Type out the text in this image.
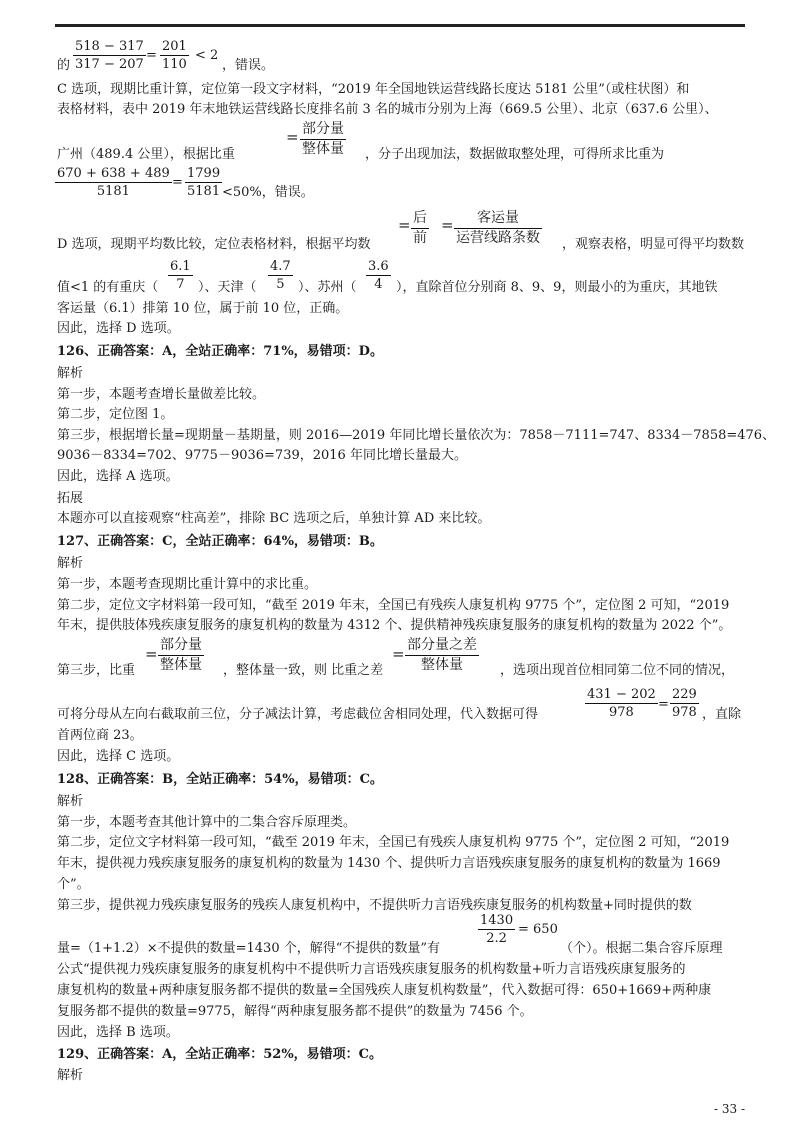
的 $\frac{518 - 317}{317 - 207} = \frac{201}{110} < 2$
，错误。
C 选项，现期比重计算，定位第一段文字材料，“2019 年全国地铁运营线路长度达 5181 公里”（或柱状图）和
表格材料，表中 2019 年末地铁运营线路长度排名前 3 名的城市分别为上海（669.5 公里）、北京（637.6 公里）、
广州（489.4 公里），根据比重
= 部分量
整体量 ，分子出现加法，数据做取整处理，可得所求比重为
$\frac{670 + 638 + 489}{5181} = \frac{1799}{5181} <50\%$，错误。
D 选项，现期平均数比较，定位表格材料，根据平均数
= 后
前
=	客运量
运营线路条数 ，观察表格，明显可得平均数数
值<1 的有重庆（ $\frac{6.1}{7}$ ）、天津（ $\frac{4.7}{5}$ ）、苏州（ $\frac{3.6}{4}$ ），直除首位分别商 8、9、9，则最小的为重庆，其地铁
客运量（6.1）排第 10 位，属于前 10 位，正确。
因此，选择 D 选项。
126、正确答案：A，全站正确率：71%，易错项：D。
解析
第一步，本题考查增长量做差比较。
第二步，定位图 1。
第三步，根据增长量=现期量－基期量，则 2016—2019 年同比增长量依次为：7858－7111=747、8334－7858=476、
9036－8334=702、9775－9036=739，2016 年同比增长量最大。
因此，选择 A 选项。
拓展
本题亦可以直接观察“柱高差”，排除 BC 选项之后，单独计算 AD 来比较。
127、正确答案：C，全站正确率：64%，易错项：B。
解析
第一步，本题考查现期比重计算中的求比重。
第二步，定位文字材料第一段可知，“截至 2019 年末，全国已有残疾人康复机构 9775 个”，定位图 2 可知，“2019
年末，提供肢体残疾康复服务的康复机构的数量为 4312 个、提供精神残疾康复服务的康复机构的数量为 2022 个”。
第三步，比重
= 部分量
整体量 ，整体量一致，则 比重之差
= 部分量之差
整体量	，选项出现首位相同第二位不同的情况，
可将分母从左向右截取前三位，分子减法计算，考虑截位舍相同处理，代入数据可得	$\frac{431 - 202}{978} = \frac{229}{978}$ ，直除
首两位商 23。
因此，选择 C 选项。
128、正确答案：B，全站正确率：54%，易错项：C。
解析
第一步，本题考查其他计算中的二集合容斥原理类。
第二步，定位文字材料第一段可知，“截至 2019 年末，全国已有残疾人康复机构 9775 个”，定位图 2 可知，“2019
年末，提供视力残疾康复服务的康复机构的数量为 1430 个、提供听力言语残疾康复服务的康复机构的数量为 1669
个”。
第三步，提供视力残疾康复服务的残疾人康复机构中，不提供听力言语残疾康复服务的机构数量+同时提供的数
量=（1+1.2）×不提供的数量=1430 个，解得“不提供的数量”有
$\frac{1430}{2.2} = 650$
（个）。根据二集合容斥原理
公式“提供视力残疾康复服务的康复机构中不提供听力言语残疾康复服务的机构数量+听力言语残疾康复服务的
康复机构的数量+两种康复服务都不提供的数量=全国残疾人康复机构数量”，代入数据可得：650+1669+两种康
复服务都不提供的数量=9775，解得“两种康复服务都不提供”的数量为 7456 个。
因此，选择 B 选项。
129、正确答案：A，全站正确率：52%，易错项：C。
解析
- 33 -
